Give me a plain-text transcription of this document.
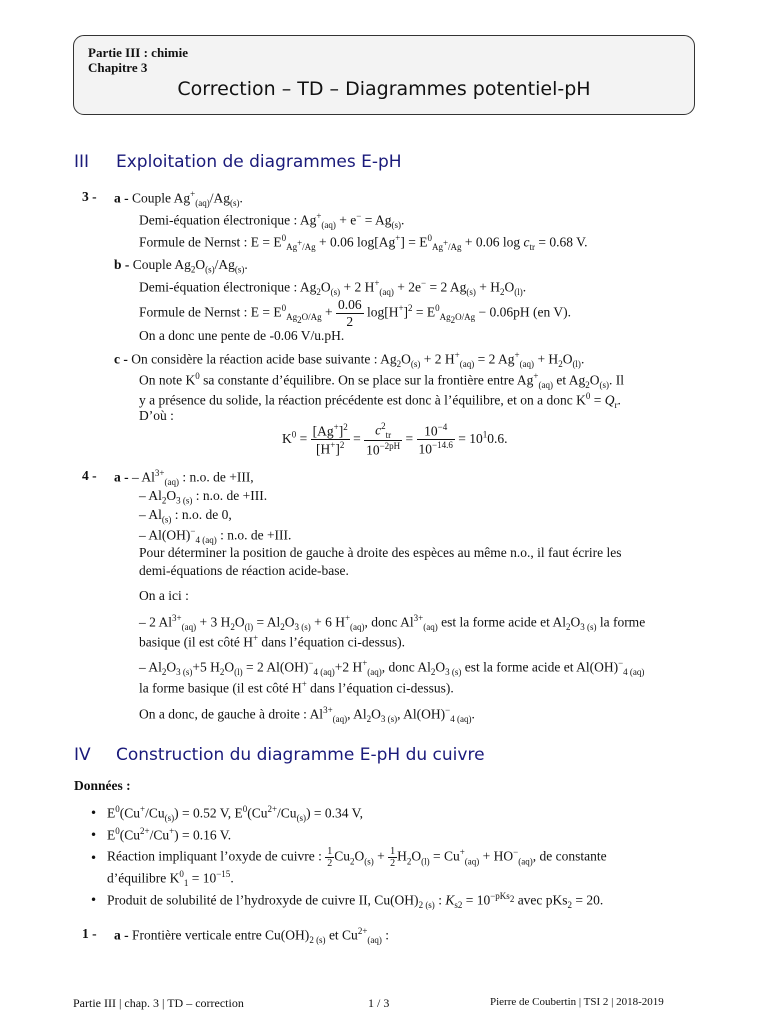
Partie III : chimie
Chapitre 3
Correction – TD – Diagrammes potentiel-pH
III Exploitation de diagrammes E-pH
3 - a - Couple $Ag^+_{(aq)}/Ag_{(s)}$.
Demi-équation électronique : $Ag^+_{(aq)} + e^- = Ag_{(s)}$.
Formule de Nernst : $E = E^0_{Ag^+/Ag} + 0.06$ $\log[Ag^+] = E^0_{Ag^+/Ag} + 0.06$ $\log c_{tr} = 0.68$ V.
b - Couple $Ag_2O_{(s)}/Ag_{(s)}$.
Demi-équation électronique : $Ag_2O_{(s)} + 2$ $H^+_{(aq)} + 2e^- = 2$ $Ag_{(s)} + H_2O_{(l)}$.
Formule de Nernst : $E = E^0_{Ag_2O/Ag} + \frac{0.06}{2} \log[H^+]^2 = E^0_{Ag_2O/Ag} - 0.06pH$ (en V).
On a donc une pente de -0.06 V/u.pH.
c - On considère la réaction acide base suivante : $Ag_2O_{(s)} + 2$ $H^+_{(aq)} = 2$ $Ag^+_{(aq)} + H_2O_{(l)}$.
On note $K^0$ sa constante d’équilibre. On se place sur la frontière entre $Ag^+_{(aq)}$ et $Ag_2O_{(s)}$. Il
y a présence du solide, la réaction précédente est donc à l’équilibre, et on a donc $K^0 = Q_r$.
D’où :
$K^0 = \frac{[Ag^+]^2}{[H^+]^2} = \frac{c^2_{tr}}{10^{-2pH}} = \frac{10^{-4}}{10^{-14.6}} = 10^10.6$.
4 - a - – $Al^{3+}_{(aq)}$ : n.o. de +III,
– $Al_2O_{3 (s)}$ : n.o. de +III.
– $Al_{(s)}$ : n.o. de 0,
– $Al(OH)^-_{4 (aq)}$ : n.o. de +III.
Pour déterminer la position de gauche à droite des espèces au même n.o., il faut écrire les
demi-équations de réaction acide-base.
On a ici :
– 2 $Al^{3+}_{(aq)} + 3$ $H_2O_{(l)} = Al_2O_{3 (s)} + 6$ $H^+_{(aq)}$, donc $Al^{3+}_{(aq)}$ est la forme acide et $Al_2O_{3 (s)}$ la forme
basique (il est côté H+ dans l’équation ci-dessus).
– $Al_2O_{3 (s)}+5$ $H_2O_{(l)} = 2$ $Al(OH)^-_{4 (aq)}+2$ $H^+_{(aq)}$, donc $Al_2O_{3 (s)}$ est la forme acide et $Al(OH)^-_{4 (aq)}$
la forme basique (il est côté H+ dans l’équation ci-dessus).
On a donc, de gauche à droite : $Al^{3+}_{(aq)}$, $Al_2O_{3 (s)}$, $Al(OH)^-_{4 (aq)}$.
IV Construction du diagramme E-pH du cuivre
Données :
• $E^0(Cu^+/Cu_{(s)}) = 0.52$ V, $E^0(Cu^{2+}/Cu_{(s)}) = 0.34$ V,
• $E^0(Cu^{2+}/Cu^+) = 0.16$ V.
• Réaction impliquant l’oxyde de cuivre : $\frac{1}{2} Cu_2O_{(s)} + \frac{1}{2} H_2O_{(l)} = Cu^+_{(aq)} + HO^-_{(aq)}$, de constante
d’équilibre $K^0_1 = 10^{-15}$.
• Produit de solubilité de l’hydroxyde de cuivre II, $Cu(OH)_{2 (s)}$ : $K_{s2} = 10^{-pKs_2}$ avec pKs$_2$ = 20.
1 - a - Frontière verticale entre $Cu(OH)_{2 (s)}$ et $Cu^{2+}_{(aq)}$ :
Partie III | chap. 3 | TD – correction	1 / 3	Pierre de Coubertin | TSI 2 | 2018-2019
